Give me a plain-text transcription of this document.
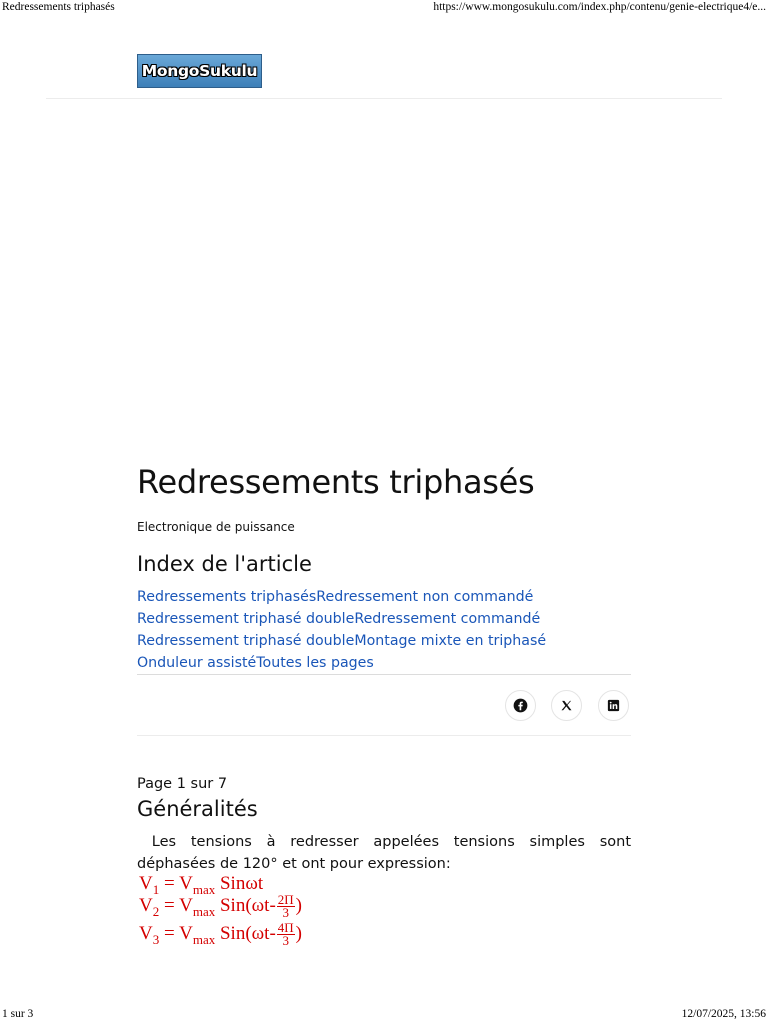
Redressements triphasés	https://www.mongosukulu.com/index.php/contenu/genie-electrique4/e...
MongoSukulu
Redressements triphasés
Electronique de puissance
Index de l'article
Redressements triphasésRedressement non commandé
Redressement triphasé doubleRedressement commandé
Redressement triphasé doubleMontage mixte en triphasé
Onduleur assistéToutes les pages
Page 1 sur 7
Généralités

Les tensions à redresser appelées tensions simples sont déphasées de 120° et ont pour expression:

$V_1 = V_{max}$ Sinωt
$V_2 = V_{max}$ $Sin(\omega t- \frac{2\Pi}{3}$ )
$V_3 = V_{max}$ $Sin(\omega t- \frac{4\Pi}{3}$ )
1 sur 3	12/07/2025, 13:56
